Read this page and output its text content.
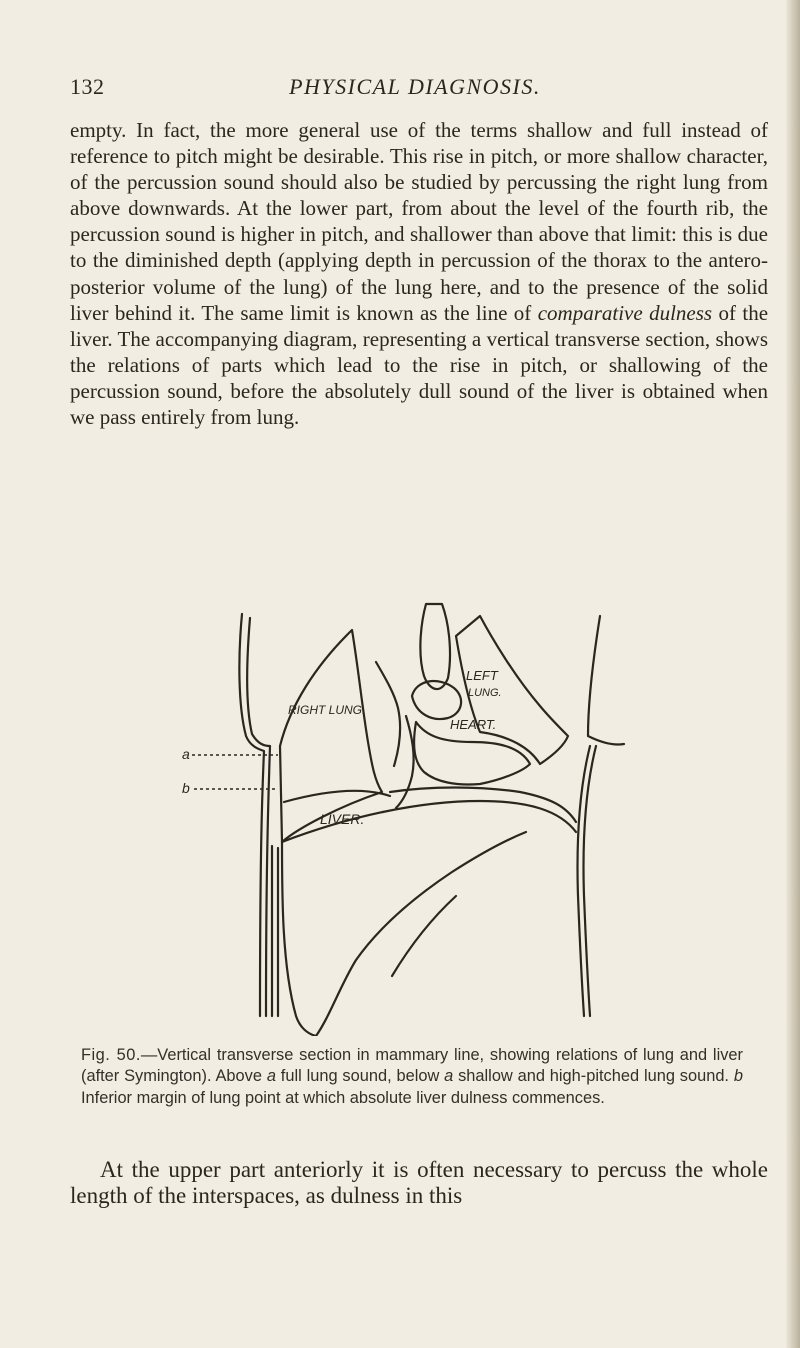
132	PHYSICAL DIAGNOSIS.

empty. In fact, the more general use of the terms shallow and full instead of reference to pitch might be desirable. This rise in pitch, or more shallow character, of the percussion sound should also be studied by percussing the right lung from above downwards. At the lower part, from about the level of the fourth rib, the percussion sound is higher in pitch, and shallower than above that limit: this is due to the diminished depth (applying depth in percussion of the thorax to the antero-posterior volume of the lung) of the lung here, and to the presence of the solid liver behind it. The same limit is known as the line of comparative dulness of the liver. The accompanying diagram, representing a vertical transverse section, shows the relations of parts which lead to the rise in pitch, or shallowing of the percussion sound, before the absolutely dull sound of the liver is obtained when we pass entirely from lung.

LEFT
LUNG.
RIGHT LUNG.
HEART.
LIVER.
a
b

Fig. 50.—Vertical transverse section in mammary line, showing relations of lung and liver (after Symington). Above a full lung sound, below a shallow and high-pitched lung sound. b Inferior margin of lung point at which absolute liver dulness commences.

At the upper part anteriorly it is often necessary to percuss the whole length of the interspaces, as dulness in this
